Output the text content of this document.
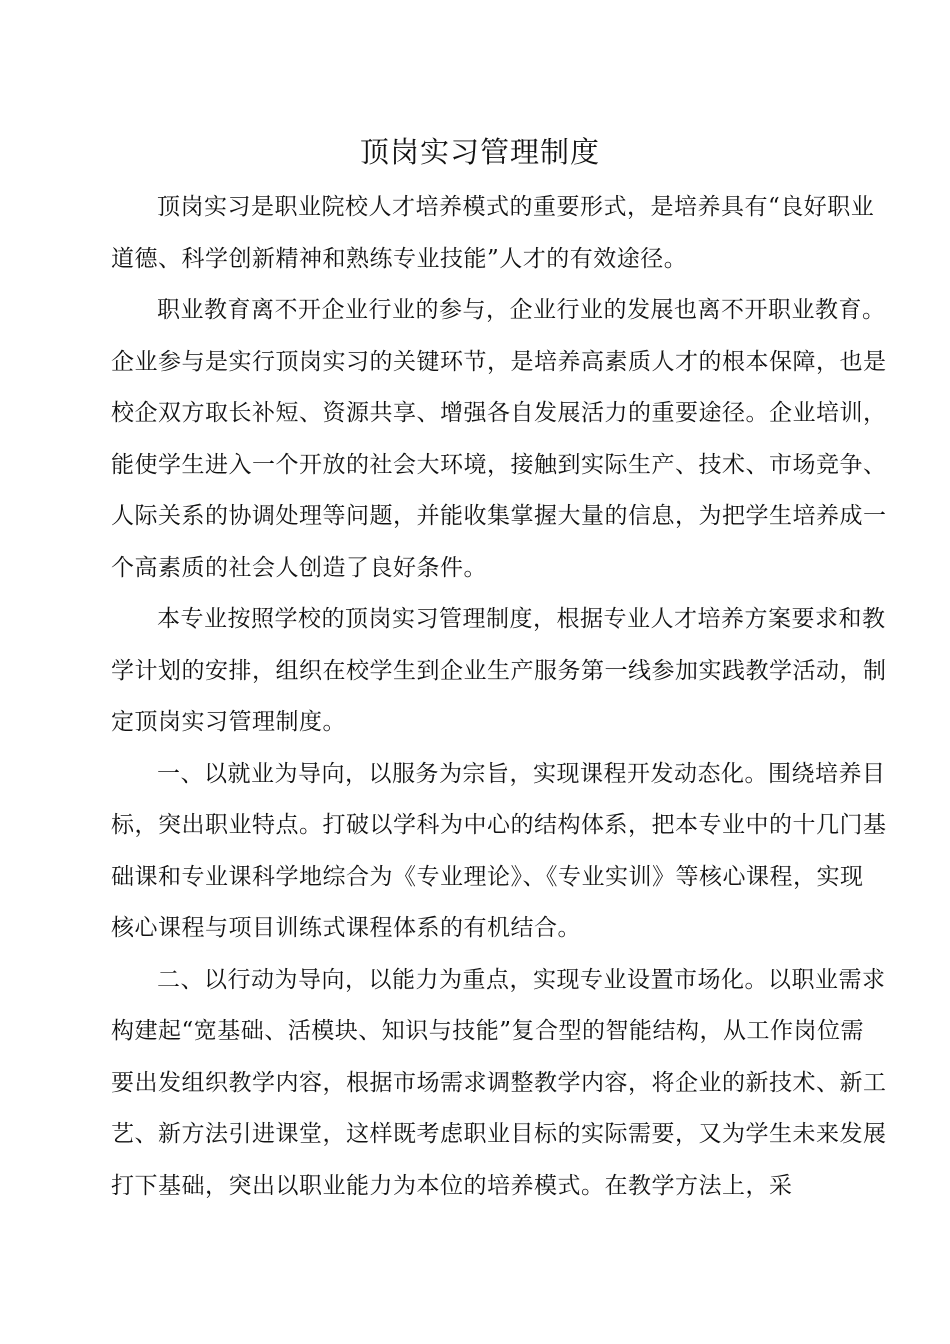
顶岗实习管理制度
顶岗实习是职业院校人才培养模式的重要形式，是培养具有“良好职业
道德、科学创新精神和熟练专业技能”人才的有效途径。
职业教育离不开企业行业的参与，企业行业的发展也离不开职业教育。
企业参与是实行顶岗实习的关键环节，是培养高素质人才的根本保障，也是
校企双方取长补短、资源共享、增强各自发展活力的重要途径。企业培训，
能使学生进入一个开放的社会大环境，接触到实际生产、技术、市场竞争、
人际关系的协调处理等问题，并能收集掌握大量的信息，为把学生培养成一
个高素质的社会人创造了良好条件。
本专业按照学校的顶岗实习管理制度，根据专业人才培养方案要求和教
学计划的安排，组织在校学生到企业生产服务第一线参加实践教学活动，制
定顶岗实习管理制度。
一、以就业为导向，以服务为宗旨，实现课程开发动态化。围绕培养目
标，突出职业特点。打破以学科为中心的结构体系，把本专业中的十几门基
础课和专业课科学地综合为《专业理论》、《专业实训》等核心课程，实现
核心课程与项目训练式课程体系的有机结合。
二、以行动为导向，以能力为重点，实现专业设置市场化。以职业需求
构建起“宽基础、活模块、知识与技能”复合型的智能结构，从工作岗位需
要出发组织教学内容，根据市场需求调整教学内容，将企业的新技术、新工
艺、新方法引进课堂，这样既考虑职业目标的实际需要，又为学生未来发展
打下基础，突出以职业能力为本位的培养模式。在教学方法上，采
